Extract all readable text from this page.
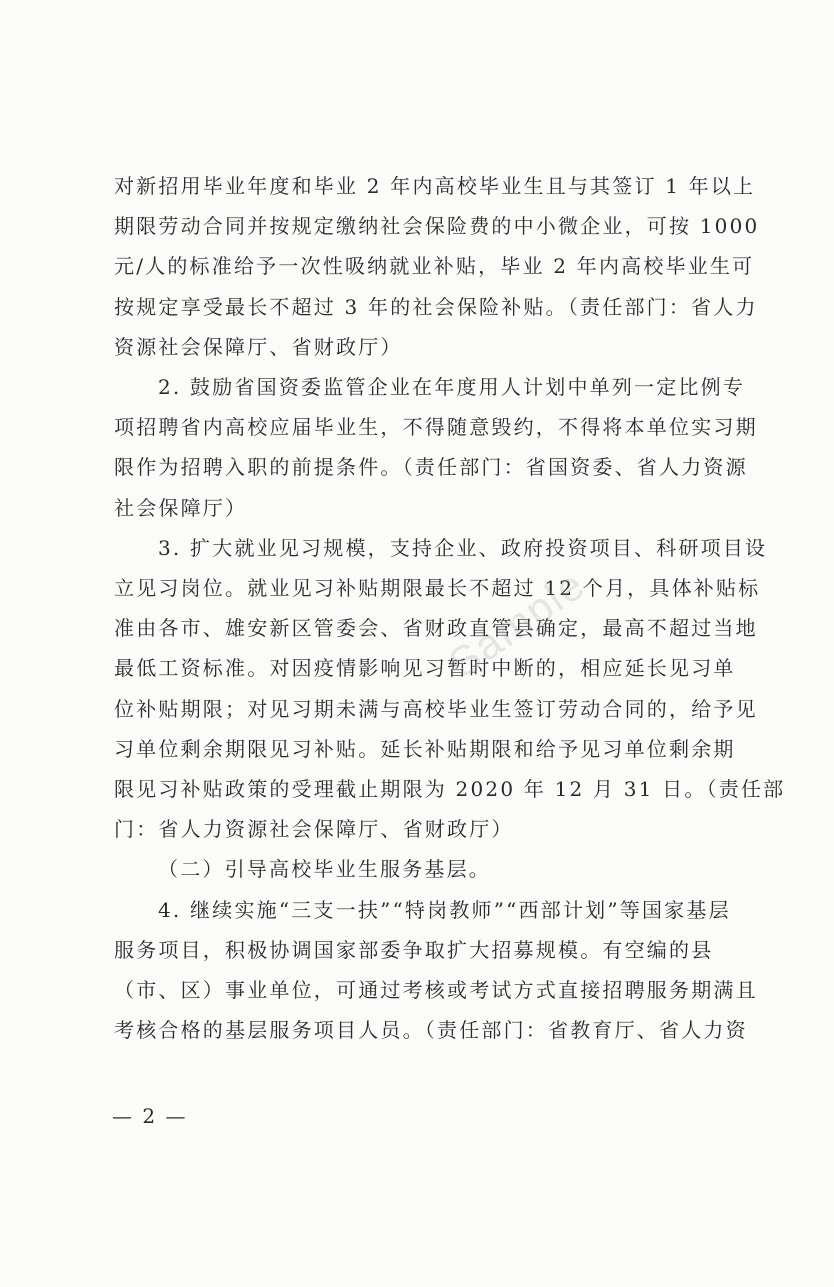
对新招用毕业年度和毕业 2 年内高校毕业生且与其签订 1 年以上
期限劳动合同并按规定缴纳社会保险费的中小微企业，可按 1000
元/人的标准给予一次性吸纳就业补贴，毕业 2 年内高校毕业生可
按规定享受最长不超过 3 年的社会保险补贴。（责任部门：省人力
资源社会保障厅、省财政厅）
2. 鼓励省国资委监管企业在年度用人计划中单列一定比例专
项招聘省内高校应届毕业生，不得随意毁约，不得将本单位实习期
限作为招聘入职的前提条件。（责任部门：省国资委、省人力资源
社会保障厅）
3. 扩大就业见习规模，支持企业、政府投资项目、科研项目设
立见习岗位。就业见习补贴期限最长不超过 12 个月，具体补贴标
准由各市、雄安新区管委会、省财政直管县确定，最高不超过当地
最低工资标准。对因疫情影响见习暂时中断的，相应延长见习单
位补贴期限；对见习期未满与高校毕业生签订劳动合同的，给予见
习单位剩余期限见习补贴。延长补贴期限和给予见习单位剩余期
限见习补贴政策的受理截止期限为 2020 年 12 月 31 日。（责任部
门：省人力资源社会保障厅、省财政厅）
（二）引导高校毕业生服务基层。
4. 继续实施“三支一扶”“特岗教师”“西部计划”等国家基层
服务项目，积极协调国家部委争取扩大招募规模。有空编的县
（市、区）事业单位，可通过考核或考试方式直接招聘服务期满且
考核合格的基层服务项目人员。（责任部门：省教育厅、省人力资
— 2 —
Sample
